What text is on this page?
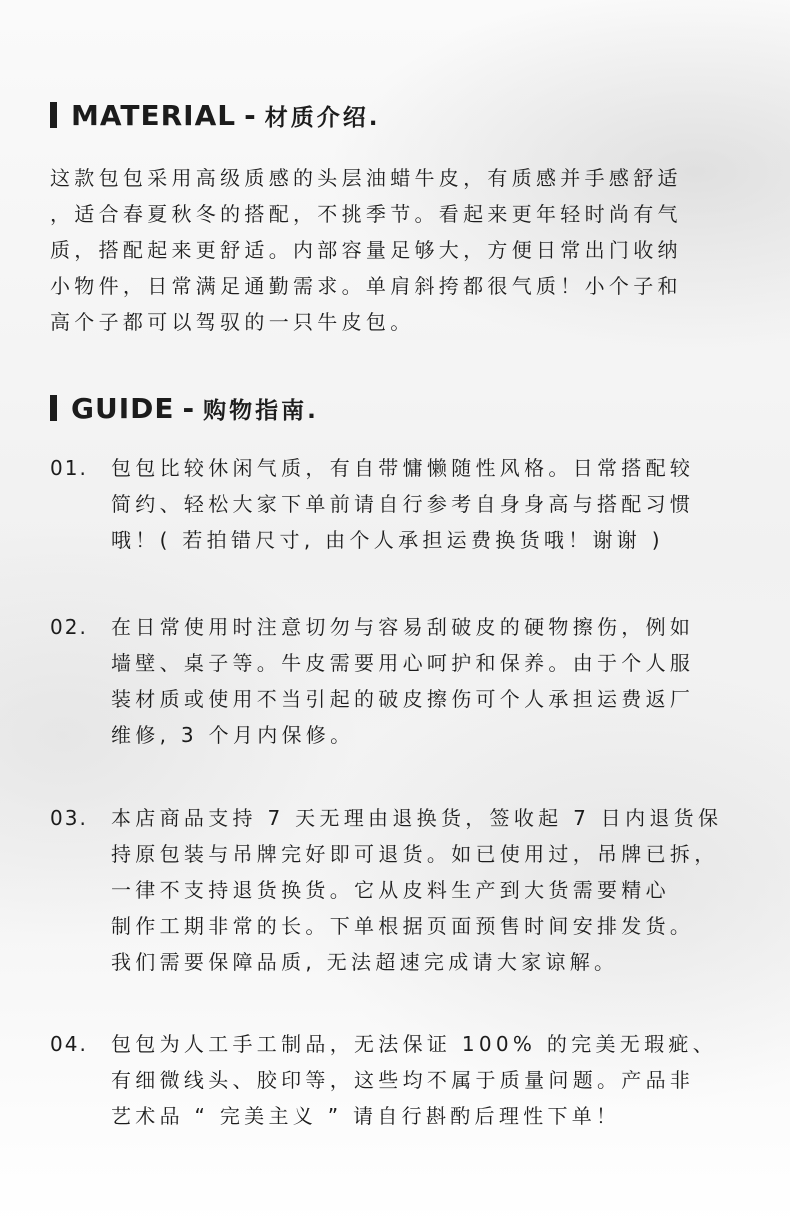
MATERIAL - 材质介绍.
这款包包采用高级质感的头层油蜡牛皮，有质感并手感舒适
，适合春夏秋冬的搭配，不挑季节。看起来更年轻时尚有气
质，搭配起来更舒适。内部容量足够大，方便日常出门收纳
小物件，日常满足通勤需求。单肩斜挎都很气质！小个子和
高个子都可以驾驭的一只牛皮包。
GUIDE - 购物指南.
01. 包包比较休闲气质，有自带慵懒随性风格。日常搭配较
简约、轻松大家下单前请自行参考自身身高与搭配习惯
哦！( 若拍错尺寸, 由个人承担运费换货哦！谢谢 )
02. 在日常使用时注意切勿与容易刮破皮的硬物擦伤，例如
墙壁、桌子等。牛皮需要用心呵护和保养。由于个人服
装材质或使用不当引起的破皮擦伤可个人承担运费返厂
维修, 3 个月内保修。
03. 本店商品支持 7 天无理由退换货，签收起 7 日内退货保
持原包装与吊牌完好即可退货。如已使用过，吊牌已拆，
一律不支持退货换货。它从皮料生产到大货需要精心
制作工期非常的长。下单根据页面预售时间安排发货。
我们需要保障品质, 无法超速完成请大家谅解。
04. 包包为人工手工制品，无法保证 100% 的完美无瑕疵、
有细微线头、胶印等，这些均不属于质量问题。产品非
艺术品 “ 完美主义 ” 请自行斟酌后理性下单！
